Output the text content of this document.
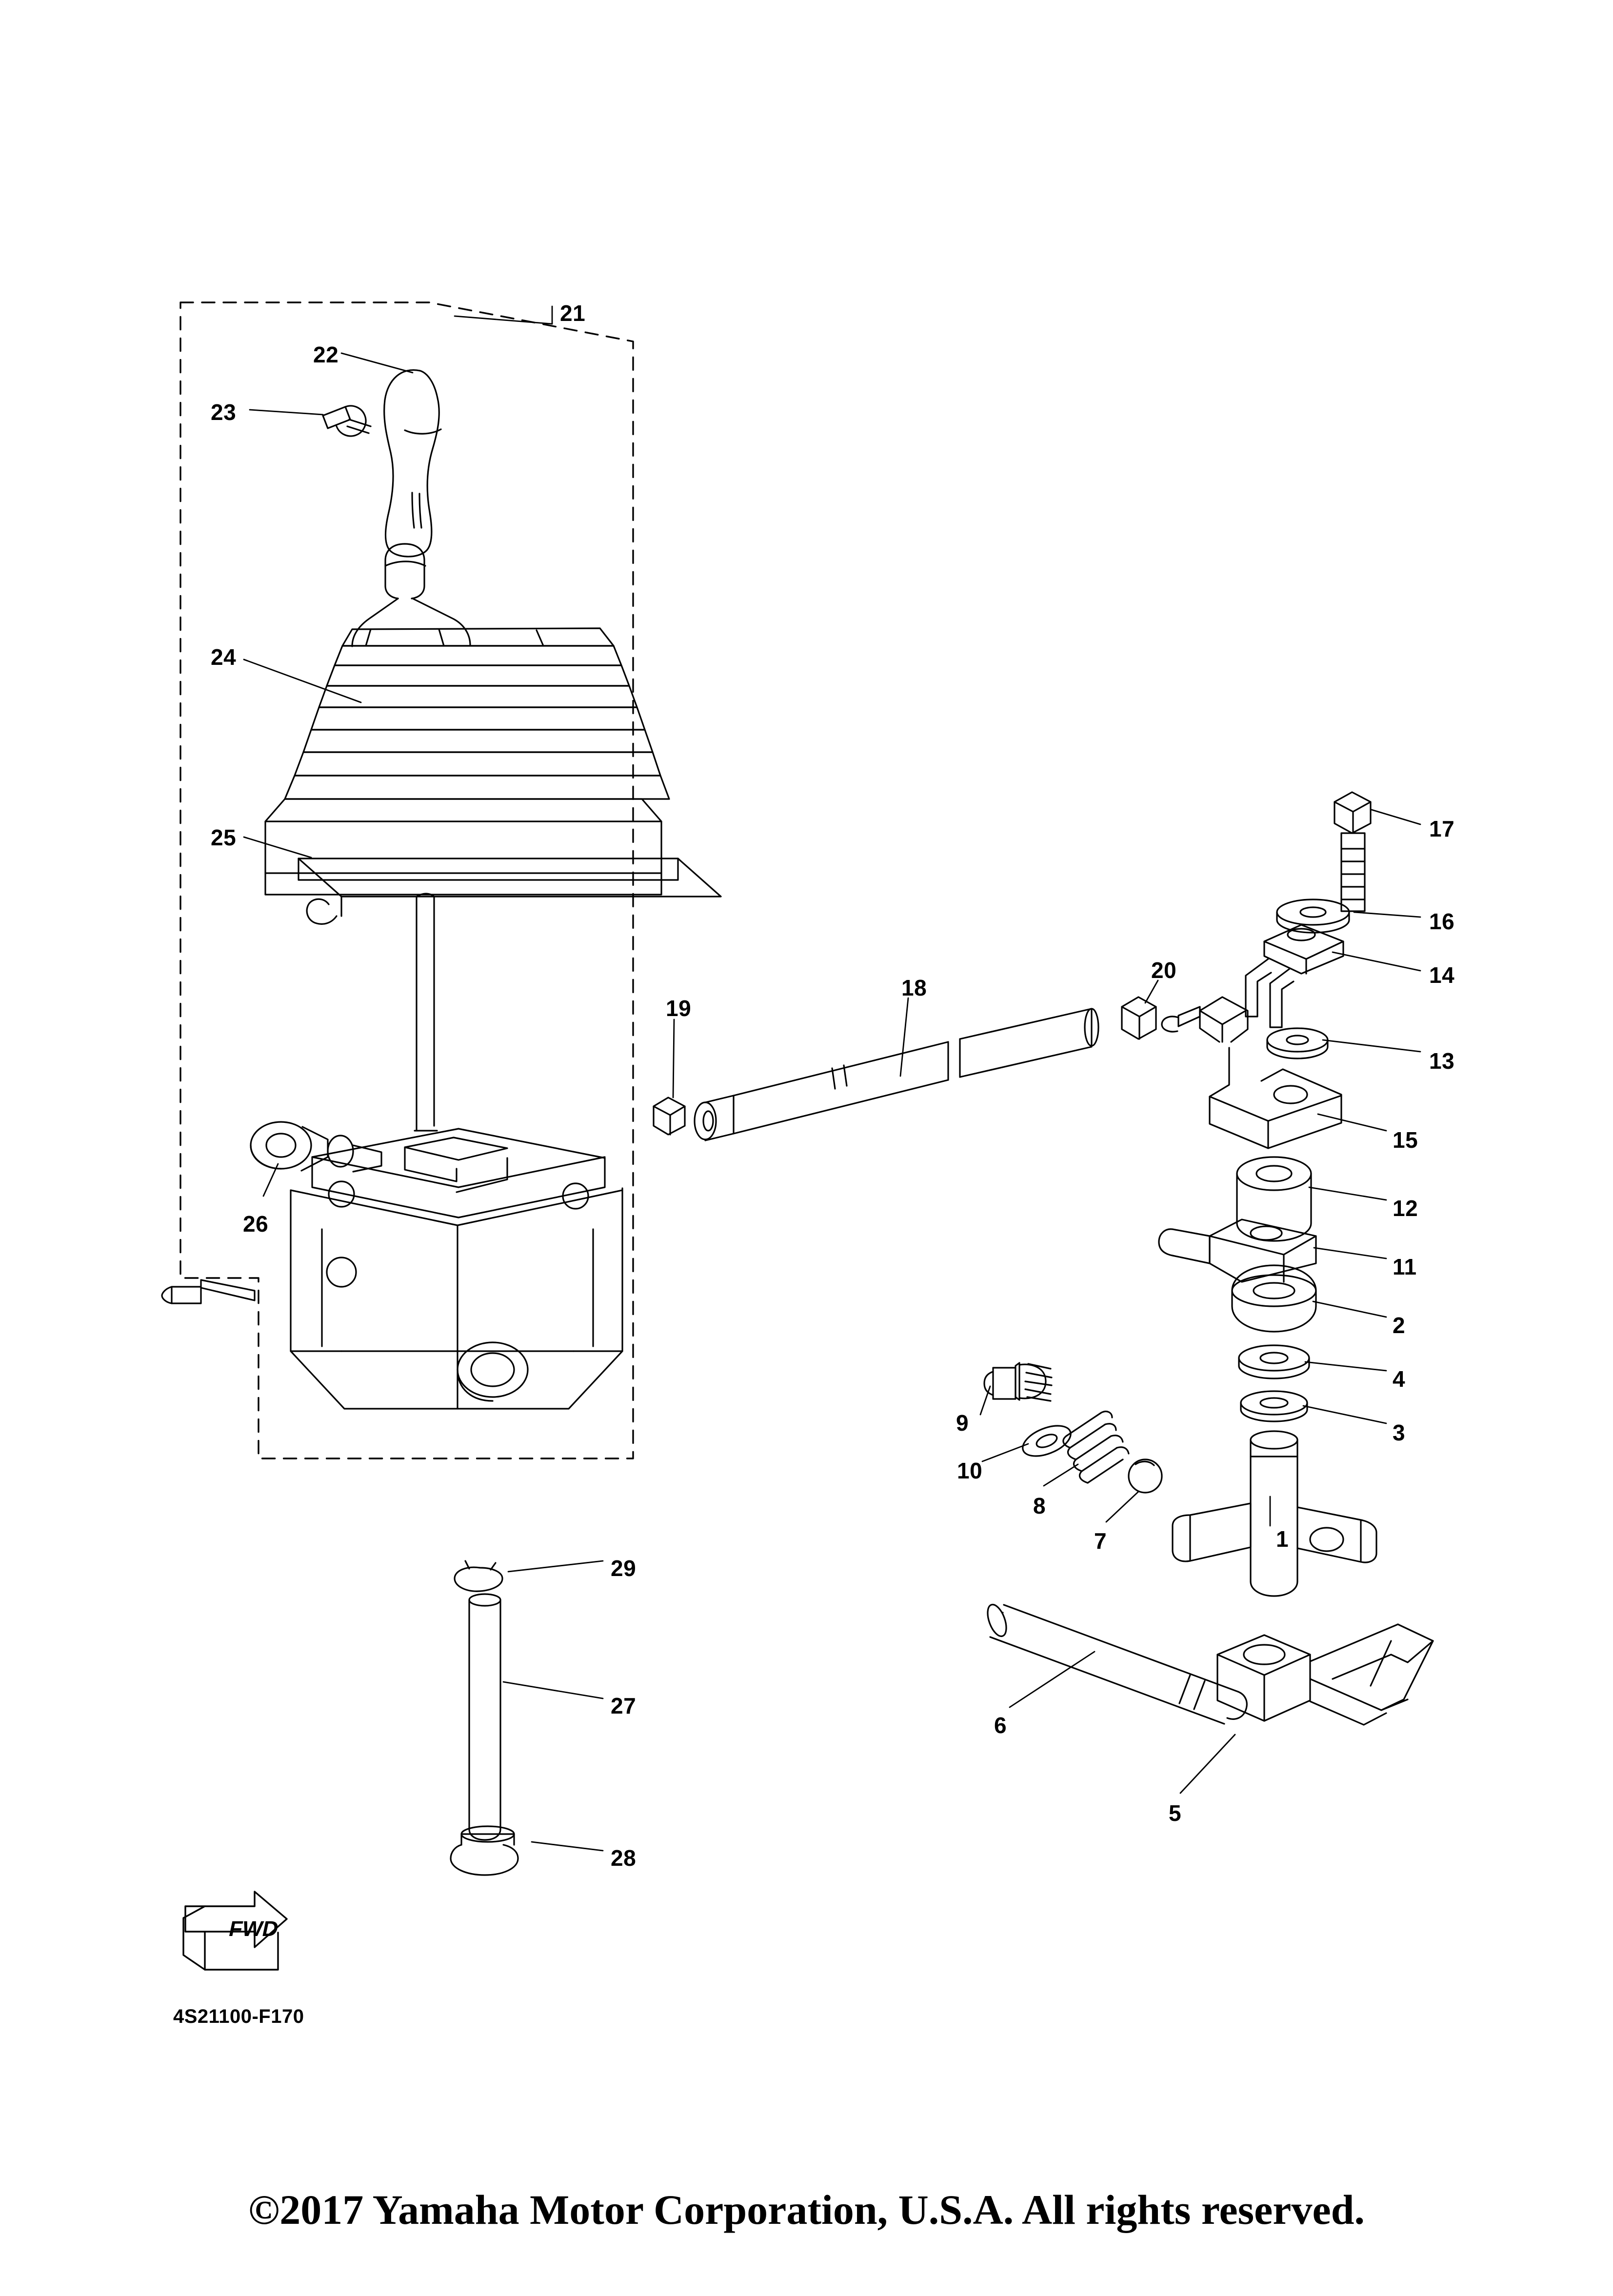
1
2
3
4
5
6
7
8
9
10
11
12
13
14
15
16
17
18
19
20
21
22
23
24
25
26
27
28
29
4S21100-F170
FWD
©2017 Yamaha Motor Corporation, U.S.A. All rights reserved.
